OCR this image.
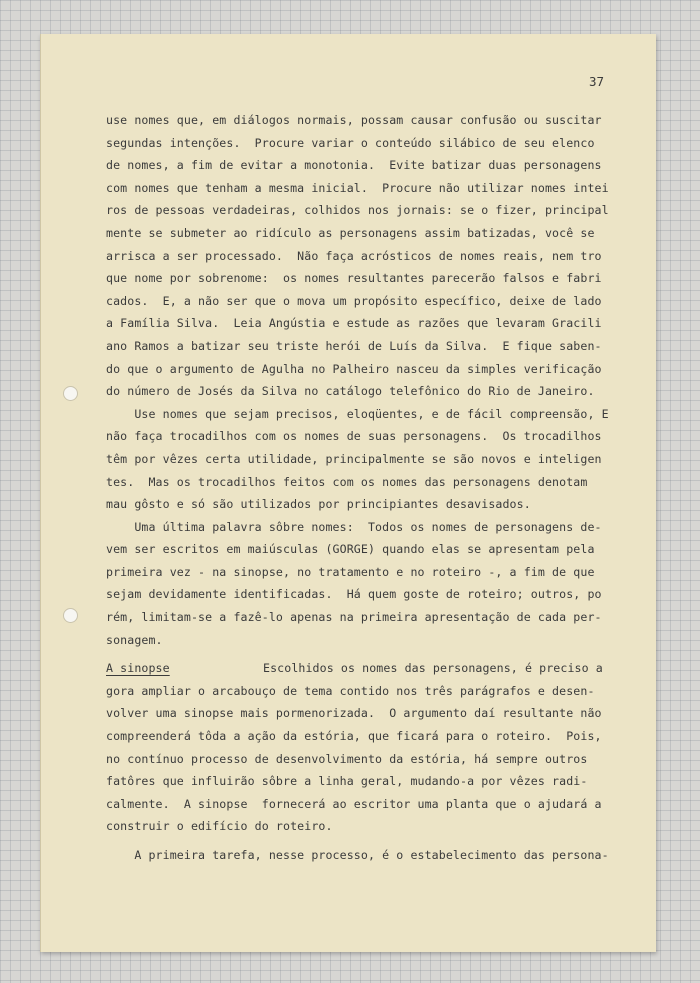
37
use nomes que, em diálogos normais, possam causar confusão ou suscitar
segundas intenções.  Procure variar o conteúdo silábico de seu elenco
de nomes, a fim de evitar a monotonia.  Evite batizar duas personagens
com nomes que tenham a mesma inicial.  Procure não utilizar nomes intei
ros de pessoas verdadeiras, colhidos nos jornais: se o fizer, principal
mente se submeter ao ridículo as personagens assim batizadas, você se
arrisca a ser processado.  Não faça acrósticos de nomes reais, nem tro
que nome por sobrenome:  os nomes resultantes parecerão falsos e fabri
cados.  E, a não ser que o mova um propósito específico, deixe de lado
a Família Silva.  Leia Angústia e estude as razões que levaram Gracili
ano Ramos a batizar seu triste herói de Luís da Silva.  E fique saben-
do que o argumento de Agulha no Palheiro nasceu da simples verificação
do número de Josés da Silva no catálogo telefônico do Rio de Janeiro.
Use nomes que sejam precisos, eloqüentes, e de fácil compreensão, E
não faça trocadilhos com os nomes de suas personagens.  Os trocadilhos
têm por vêzes certa utilidade, principalmente se são novos e inteligen
tes.  Mas os trocadilhos feitos com os nomes das personagens denotam
mau gôsto e só são utilizados por principiantes desavisados.
Uma última palavra sôbre nomes:  Todos os nomes de personagens de-
vem ser escritos em maiúsculas (GORGE) quando elas se apresentam pela
primeira vez - na sinopse, no tratamento e no roteiro -, a fim de que
sejam devidamente identificadas.  Há quem goste de roteiro; outros, po
rém, limitam-se a fazê-lo apenas na primeira apresentação de cada per-
sonagem.
A sinopse	Escolhidos os nomes das personagens, é preciso a
gora ampliar o arcabouço de tema contido nos três parágrafos e desen-
volver uma sinopse mais pormenorizada.  O argumento daí resultante não
compreenderá tôda a ação da estória, que ficará para o roteiro.  Pois,
no contínuo processo de desenvolvimento da estória, há sempre outros
fatôres que influirão sôbre a linha geral, mudando-a por vêzes radi-
calmente.  A sinopse  fornecerá ao escritor uma planta que o ajudará a
construir o edifício do roteiro.
A primeira tarefa, nesse processo, é o estabelecimento das persona-
